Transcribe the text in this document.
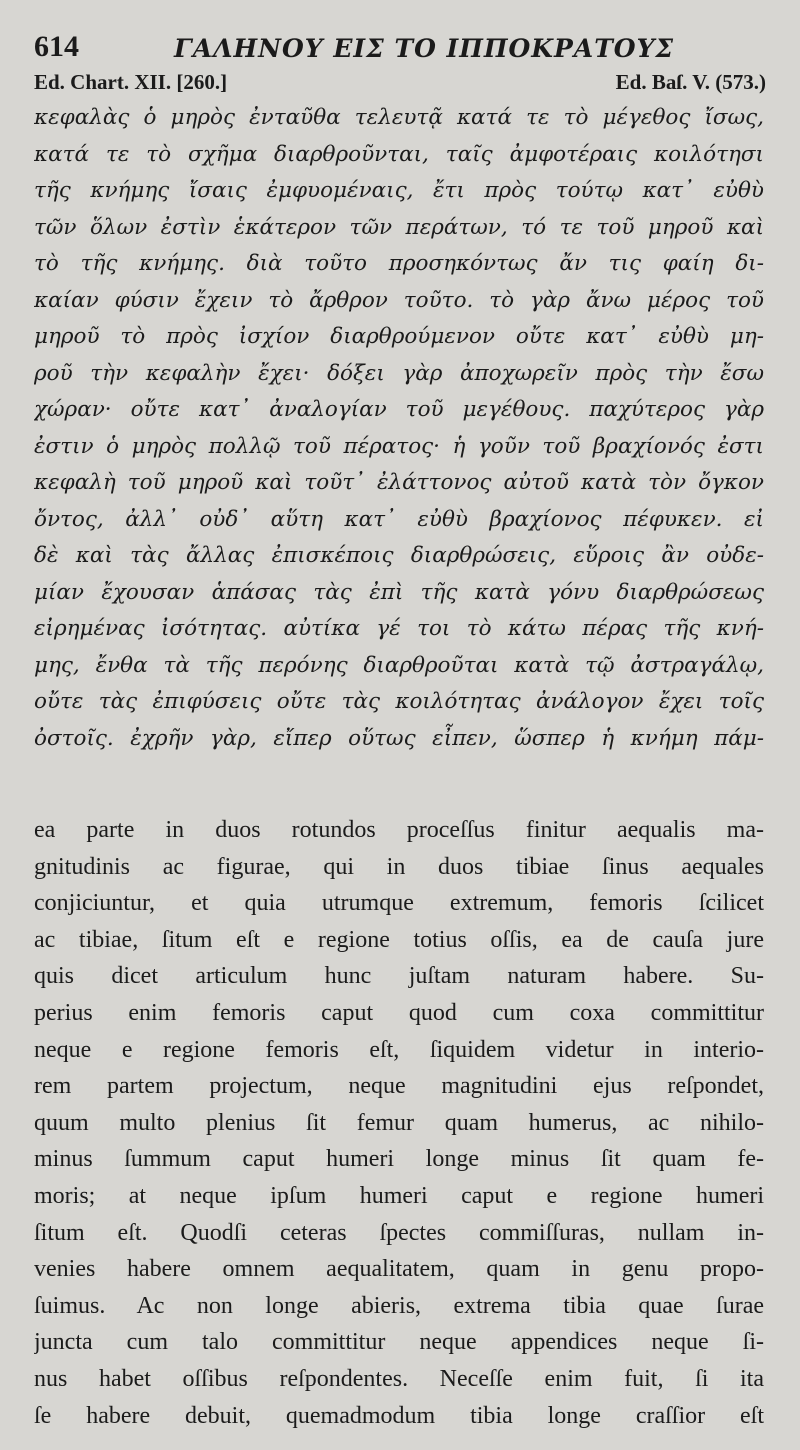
614	ΓΑΛΗΝΟΥ ΕΙΣ ΤΟ ΙΠΠΟΚΡΑΤΟΥΣ
Ed. Chart. XII. [260.]	Ed. Baſ. V. (573.)
κεφαλὰς ὁ μηρὸς ἐνταῦθα τελευτᾷ κατά τε τὸ μέγεθος ἴσως,
κατά τε τὸ σχῆμα διαρθροῦνται, ταῖς ἀμφοτέραις κοιλότησι
τῆς κνήμης ἴσαις ἐμφυομέναις, ἔτι πρὸς τούτῳ κατ᾽ εὐθὺ
τῶν ὅλων ἐστὶν ἑκάτερον τῶν περάτων, τό τε τοῦ μηροῦ καὶ
τὸ τῆς κνήμης. διὰ τοῦτο προσηκόντως ἄν τις φαίη δι-
καίαν φύσιν ἔχειν τὸ ἄρθρον τοῦτο. τὸ γὰρ ἄνω μέρος τοῦ
μηροῦ τὸ πρὸς ἰσχίον διαρθρούμενον οὔτε κατ᾽ εὐθὺ μη-
ροῦ τὴν κεφαλὴν ἔχει· δόξει γὰρ ἀποχωρεῖν πρὸς τὴν ἔσω
χώραν· οὔτε κατ᾽ ἀναλογίαν τοῦ μεγέθους. παχύτερος γὰρ
ἐστιν ὁ μηρὸς πολλῷ τοῦ πέρατος· ἡ γοῦν τοῦ βραχίονός ἐστι
κεφαλὴ τοῦ μηροῦ καὶ τοῦτ᾽ ἐλάττονος αὐτοῦ κατὰ τὸν ὄγκον
ὄντος, ἀλλ᾽ οὐδ᾽ αὕτη κατ᾽ εὐθὺ βραχίονος πέφυκεν. εἰ
δὲ καὶ τὰς ἄλλας ἐπισκέποις διαρθρώσεις, εὕροις ἂν οὐδε-
μίαν ἔχουσαν ἁπάσας τὰς ἐπὶ τῆς κατὰ γόνυ διαρθρώσεως
εἰρημένας ἰσότητας. αὐτίκα γέ τοι τὸ κάτω πέρας τῆς κνή-
μης, ἔνθα τὰ τῆς περόνης διαρθροῦται κατὰ τῷ ἀστραγάλῳ,
οὔτε τὰς ἐπιφύσεις οὔτε τὰς κοιλότητας ἀνάλογον ἔχει τοῖς
ὀστοῖς. ἐχρῆν γὰρ, εἴπερ οὕτως εἶπεν, ὥσπερ ἡ κνήμη πάμ-
ea parte in duos rotundos proceſſus finitur aequalis ma-
gnitudinis ac figurae, qui in duos tibiae ſinus aequales
conjiciuntur, et quia utrumque extremum, femoris ſcilicet
ac tibiae, ſitum eſt e regione totius oſſis, ea de cauſa jure
quis dicet articulum hunc juſtam naturam habere. Su-
perius enim femoris caput quod cum coxa committitur
neque e regione femoris eſt, ſiquidem videtur in interio-
rem partem projectum, neque magnitudini ejus reſpondet,
quum multo plenius ſit femur quam humerus, ac nihilo-
minus ſummum caput humeri longe minus ſit quam fe-
moris; at neque ipſum humeri caput e regione humeri
ſitum eſt. Quodſi ceteras ſpectes commiſſuras, nullam in-
venies habere omnem aequalitatem, quam in genu propo-
ſuimus. Ac non longe abieris, extrema tibia quae ſurae
juncta cum talo committitur neque appendices neque ſi-
nus habet oſſibus reſpondentes. Neceſſe enim fuit, ſi ita
ſe habere debuit, quemadmodum tibia longe craſſior eſt
